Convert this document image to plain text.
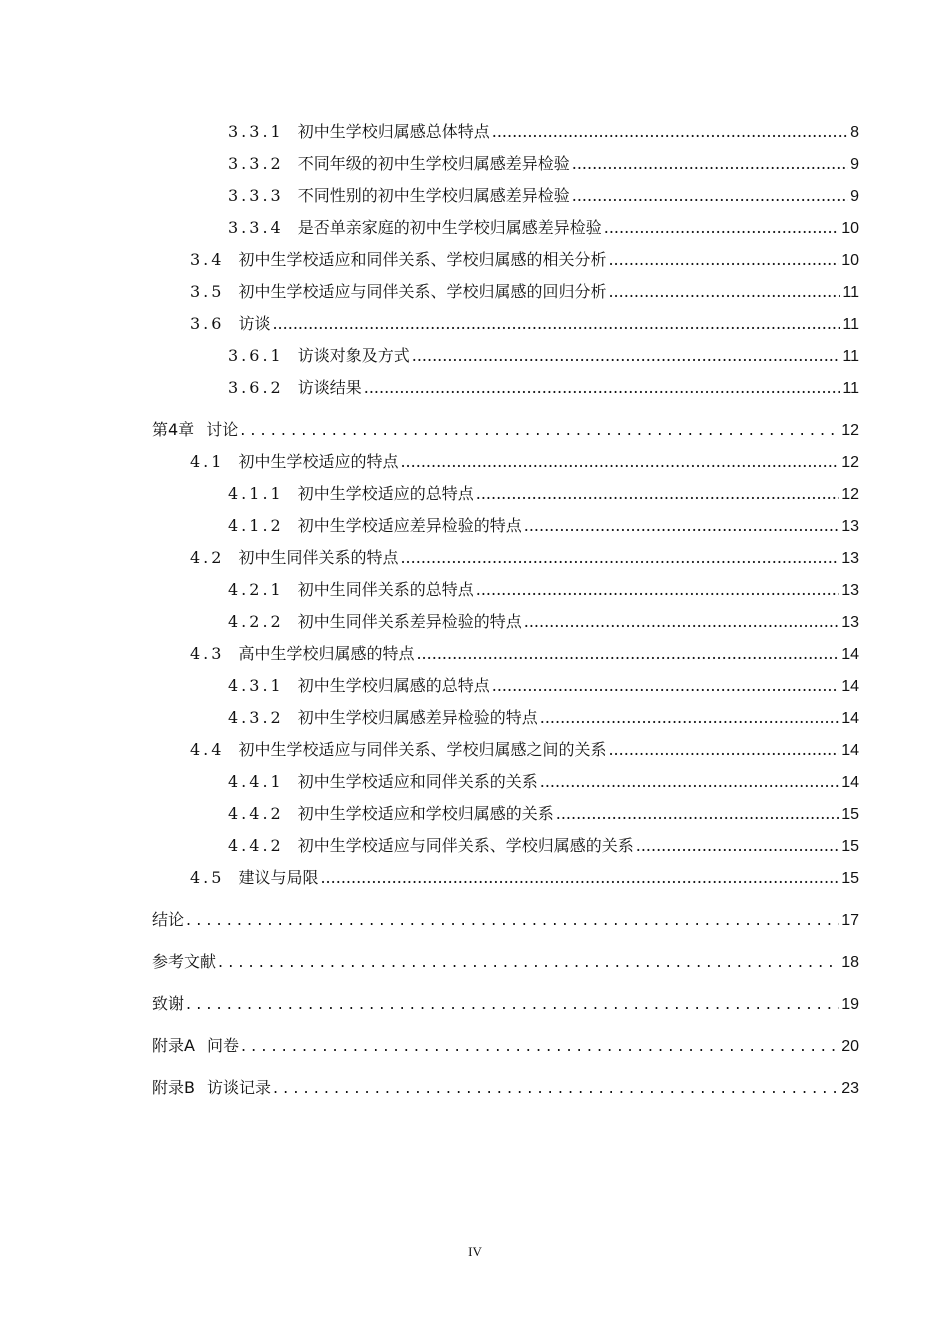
3.3.1 初中生学校归属感总体特点 .....	8
3.3.2 不同年级的初中生学校归属感差异检验 .....	9
3.3.3 不同性别的初中生学校归属感差异检验 .....	9
3.3.4 是否单亲家庭的初中生学校归属感差异检验 .....	10
3.4 初中生学校适应和同伴关系、学校归属感的相关分析 .....	10
3.5 初中生学校适应与同伴关系、学校归属感的回归分析 .....	11
3.6 访谈 .....	11
3.6.1 访谈对象及方式 .....	11
3.6.2 访谈结果 .....	11
第4章 讨论 . . .	12
4.1 初中生学校适应的特点 .....	12
4.1.1 初中生学校适应的总特点 .....	12
4.1.2 初中生学校适应差异检验的特点 .....	13
4.2 初中生同伴关系的特点 .....	13
4.2.1 初中生同伴关系的总特点 .....	13
4.2.2 初中生同伴关系差异检验的特点 .....	13
4.3 高中生学校归属感的特点 .....	14
4.3.1 初中生学校归属感的总特点 .....	14
4.3.2 初中生学校归属感差异检验的特点 .....	14
4.4 初中生学校适应与同伴关系、学校归属感之间的关系 .....	14
4.4.1 初中生学校适应和同伴关系的关系 .....	14
4.4.2 初中生学校适应和学校归属感的关系 .....	15
4.4.2 初中生学校适应与同伴关系、学校归属感的关系 .....	15
4.5 建议与局限 .....	15
结论 . . .	17
参考文献 . . .	18
致谢 . . .	19
附录A 问卷 . . .	20
附录B 访谈记录 . . .	23
IV
